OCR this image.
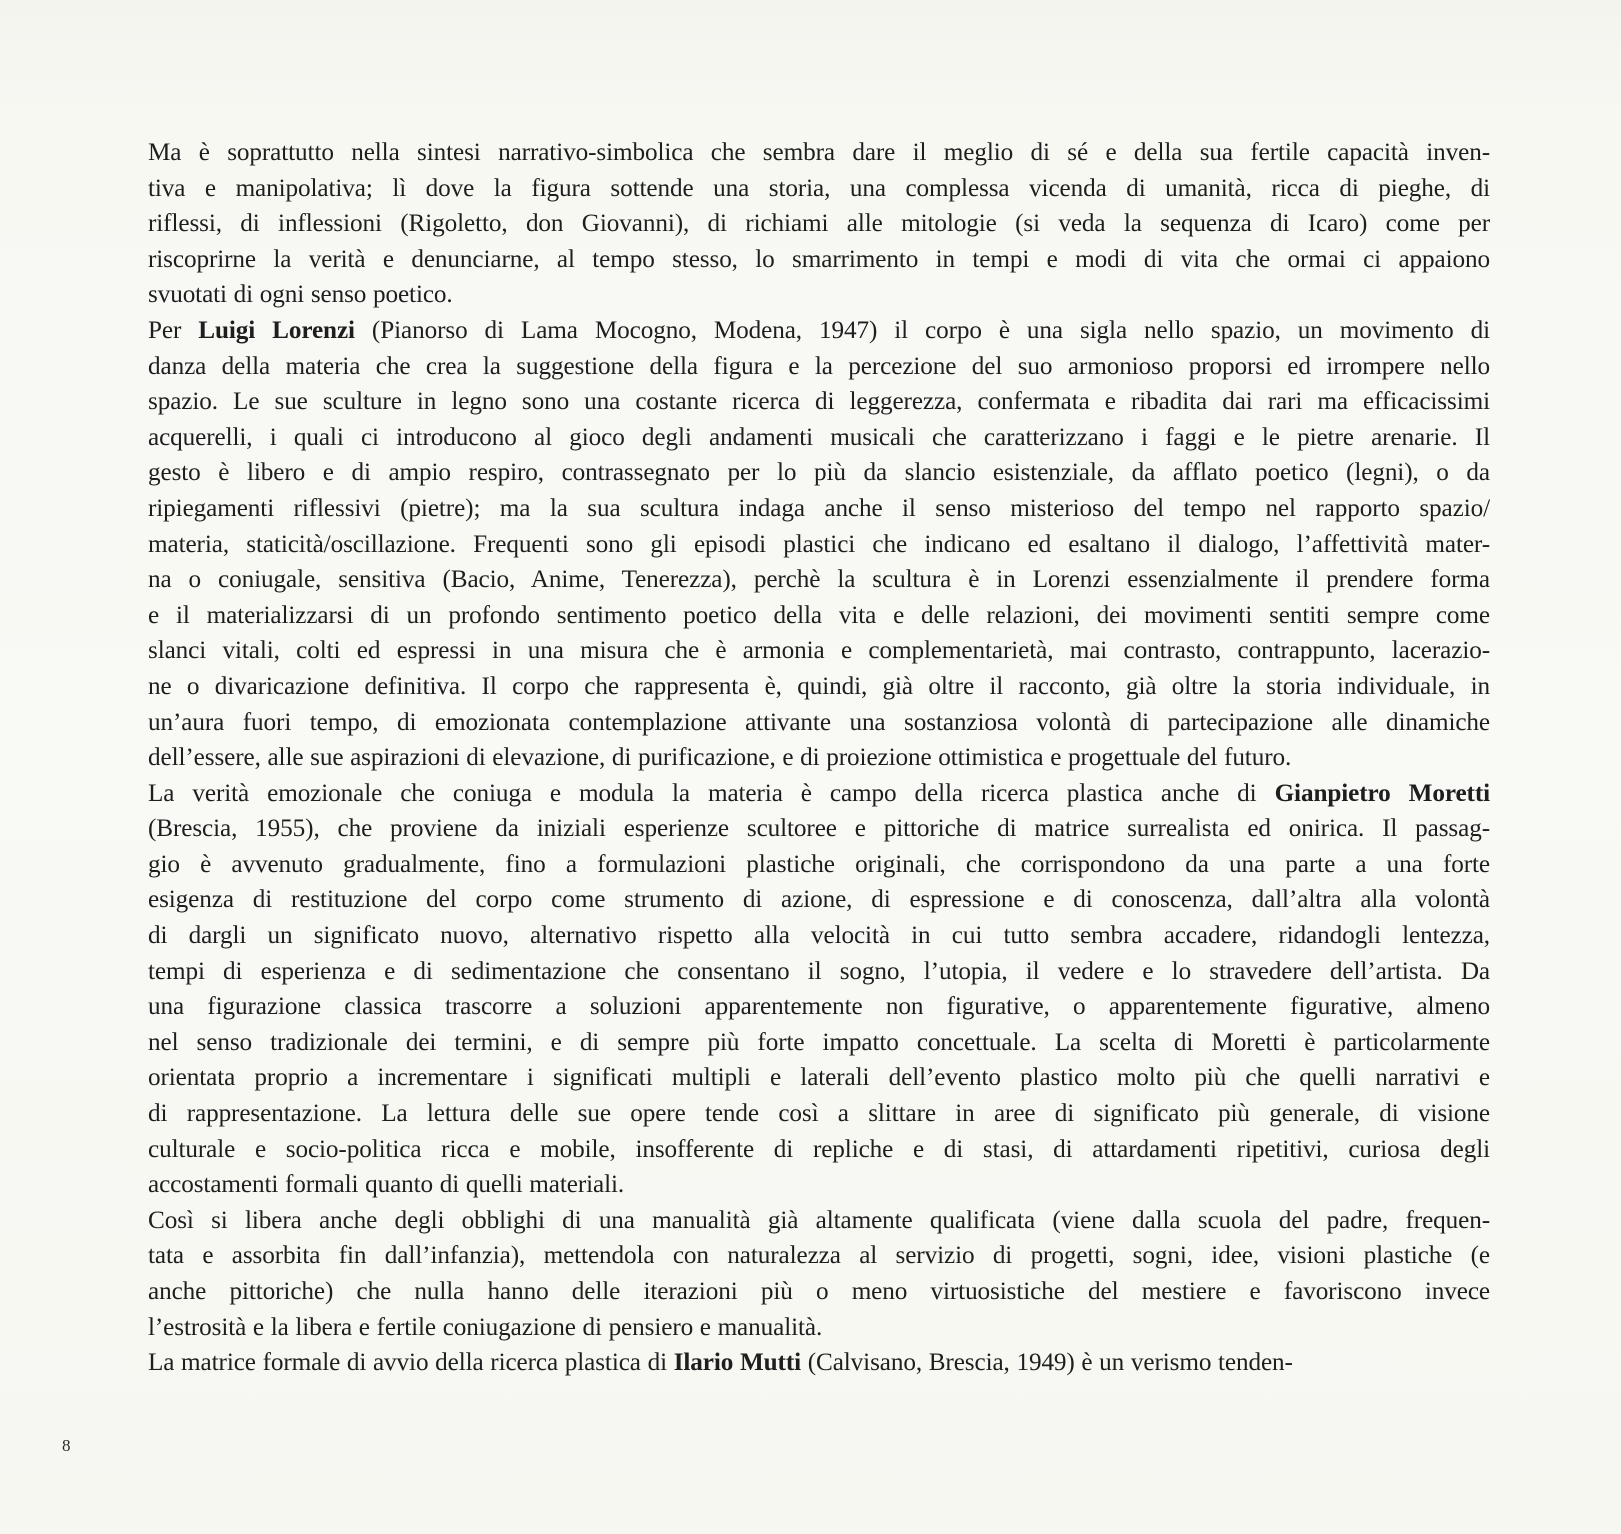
Ma è soprattutto nella sintesi narrativo-simbolica che sembra dare il meglio di sé e della sua fertile capacità inven-
tiva e manipolativa; lì dove la figura sottende una storia, una complessa vicenda di umanità, ricca di pieghe, di
riflessi, di inflessioni (Rigoletto, don Giovanni), di richiami alle mitologie (si veda la sequenza di Icaro) come per
riscoprirne la verità e denunciarne, al tempo stesso, lo smarrimento in tempi e modi di vita che ormai ci appaiono
svuotati di ogni senso poetico.
Per Luigi Lorenzi (Pianorso di Lama Mocogno, Modena, 1947) il corpo è una sigla nello spazio, un movimento di
danza della materia che crea la suggestione della figura e la percezione del suo armonioso proporsi ed irrompere nello
spazio. Le sue sculture in legno sono una costante ricerca di leggerezza, confermata e ribadita dai rari ma efficacissimi
acquerelli, i quali ci introducono al gioco degli andamenti musicali che caratterizzano i faggi e le pietre arenarie. Il
gesto è libero e di ampio respiro, contrassegnato per lo più da slancio esistenziale, da afflato poetico (legni), o da
ripiegamenti riflessivi (pietre); ma la sua scultura indaga anche il senso misterioso del tempo nel rapporto spazio/
materia, staticità/oscillazione. Frequenti sono gli episodi plastici che indicano ed esaltano il dialogo, l’affettività mater-
na o coniugale, sensitiva (Bacio, Anime, Tenerezza), perchè la scultura è in Lorenzi essenzialmente il prendere forma
e il materializzarsi di un profondo sentimento poetico della vita e delle relazioni, dei movimenti sentiti sempre come
slanci vitali, colti ed espressi in una misura che è armonia e complementarietà, mai contrasto, contrappunto, lacerazio-
ne o divaricazione definitiva. Il corpo che rappresenta è, quindi, già oltre il racconto, già oltre la storia individuale, in
un’aura fuori tempo, di emozionata contemplazione attivante una sostanziosa volontà di partecipazione alle dinamiche
dell’essere, alle sue aspirazioni di elevazione, di purificazione, e di proiezione ottimistica e progettuale del futuro.
La verità emozionale che coniuga e modula la materia è campo della ricerca plastica anche di Gianpietro Moretti
(Brescia, 1955), che proviene da iniziali esperienze scultoree e pittoriche di matrice surrealista ed onirica. Il passag-
gio è avvenuto gradualmente, fino a formulazioni plastiche originali, che corrispondono da una parte a una forte
esigenza di restituzione del corpo come strumento di azione, di espressione e di conoscenza, dall’altra alla volontà
di dargli un significato nuovo, alternativo rispetto alla velocità in cui tutto sembra accadere, ridandogli lentezza,
tempi di esperienza e di sedimentazione che consentano il sogno, l’utopia, il vedere e lo stravedere dell’artista. Da
una figurazione classica trascorre a soluzioni apparentemente non figurative, o apparentemente figurative, almeno
nel senso tradizionale dei termini, e di sempre più forte impatto concettuale. La scelta di Moretti è particolarmente
orientata proprio a incrementare i significati multipli e laterali dell’evento plastico molto più che quelli narrativi e
di rappresentazione. La lettura delle sue opere tende così a slittare in aree di significato più generale, di visione
culturale e socio-politica ricca e mobile, insofferente di repliche e di stasi, di attardamenti ripetitivi, curiosa degli
accostamenti formali quanto di quelli materiali.
Così si libera anche degli obblighi di una manualità già altamente qualificata (viene dalla scuola del padre, frequen-
tata e assorbita fin dall’infanzia), mettendola con naturalezza al servizio di progetti, sogni, idee, visioni plastiche (e
anche pittoriche) che nulla hanno delle iterazioni più o meno virtuosistiche del mestiere e favoriscono invece
l’estrosità e la libera e fertile coniugazione di pensiero e manualità.
La matrice formale di avvio della ricerca plastica di Ilario Mutti (Calvisano, Brescia, 1949) è un verismo tenden-
8
